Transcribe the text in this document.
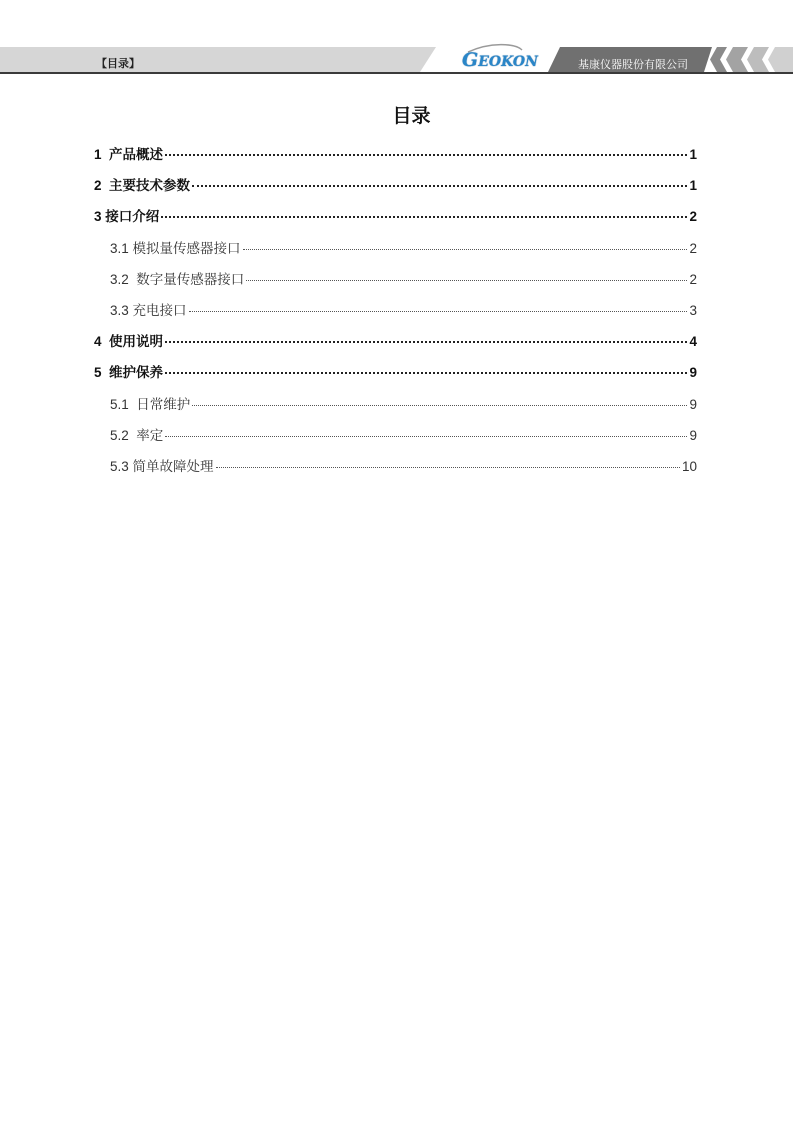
【目录】	GEOKON	基康仪器股份有限公司
目录
1 产品概述	1
2 主要技术参数	1
3 接口介绍	2
3.1 模拟量传感器接口	2
3.2 数字量传感器接口	2
3.3 充电接口	3
4 使用说明	4
5 维护保养	9
5.1 日常维护	9
5.2 率定	9
5.3 简单故障处理	10
